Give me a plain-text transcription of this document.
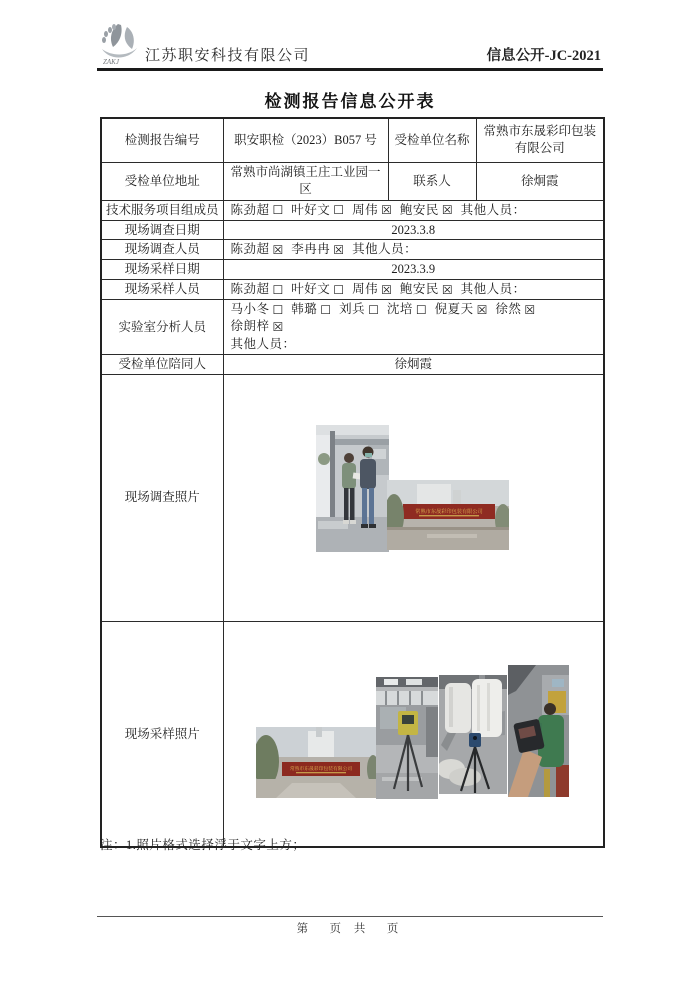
ZAKJ 江苏职安科技有限公司	信息公开-JC-2021
检测报告信息公开表
检测报告编号	职安职检（2023）B057 号	受检单位名称	常熟市东晟彩印包装有限公司
受检单位地址	常熟市尚湖镇王庄工业园一区	联系人	徐炯霞
技术服务项目组成员	陈劲超 ☐ 叶好文 ☐ 周伟 ☒ 鲍安民 ☒ 其他人员：		
现场调查日期	2023.3.8		
现场调查人员	陈劲超 ☒ 李冉冉 ☒ 其他人员：		
现场采样日期	2023.3.9		
现场采样人员	陈劲超 ☐ 叶好文 ☐ 周伟 ☒ 鲍安民 ☒ 其他人员：		
实验室分析人员	马小冬 ☐ 韩璐 ☐ 刘兵 ☐ 沈培 ☐ 倪夏天 ☒ 徐然 ☒徐朗梓 ☒
其他人员：		

受检单位陪同人	徐炯霞		
现场调查照片	常熟市东晟彩印包装有限公司		

现场采样照片	常熟市东晟彩印包装有限公司		
注：1.照片格式选择浮于文字上方；
第　页 共　页
